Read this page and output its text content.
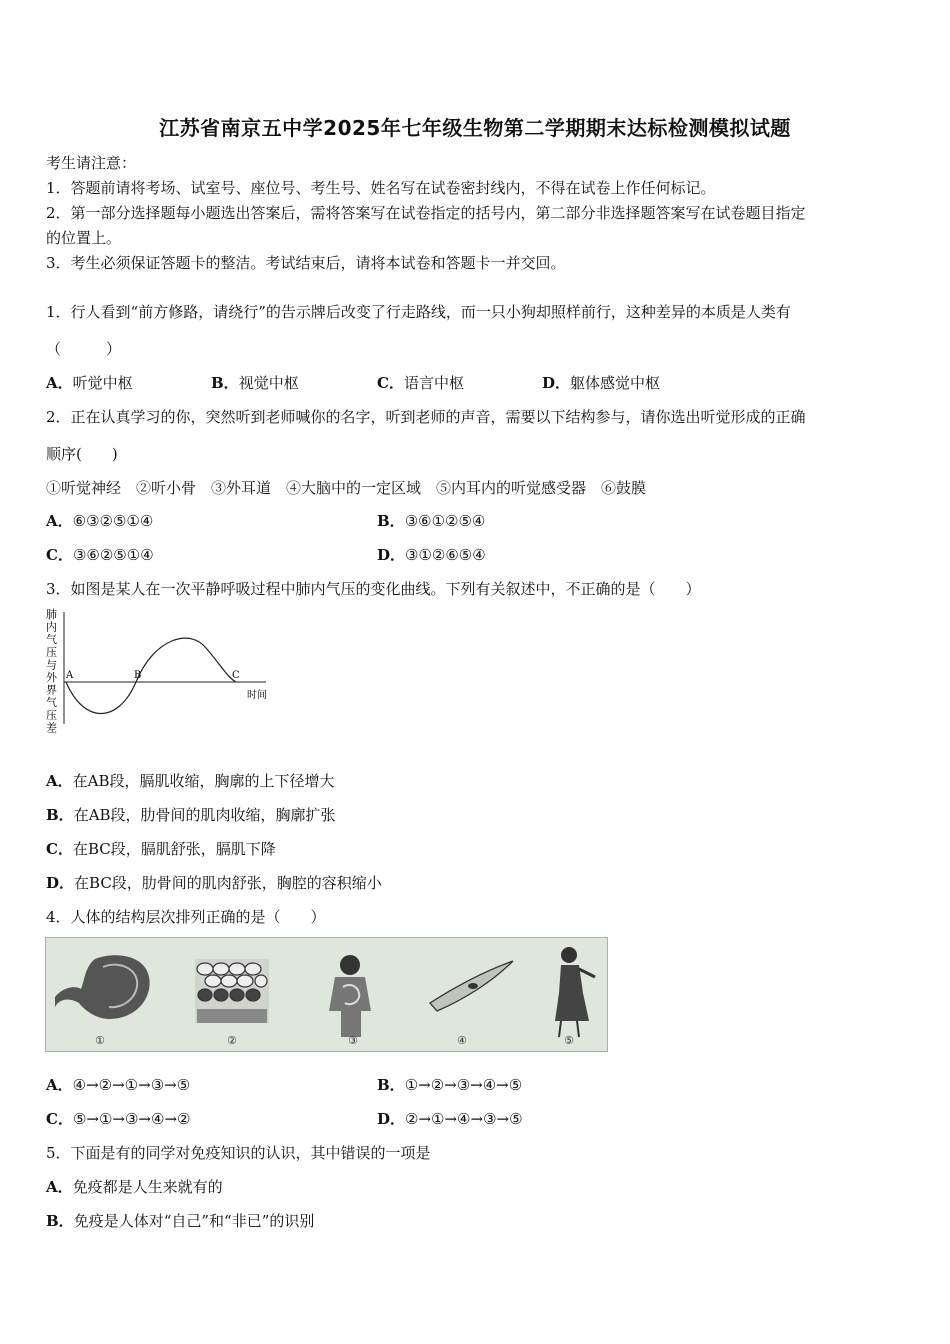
江苏省南京五中学2025年七年级生物第二学期期末达标检测模拟试题
考生请注意：
1．答题前请将考场、试室号、座位号、考生号、姓名写在试卷密封线内，不得在试卷上作任何标记。
2．第一部分选择题每小题选出答案后，需将答案写在试卷指定的括号内，第二部分非选择题答案写在试卷题目指定
的位置上。
3．考生必须保证答题卡的整洁。考试结束后，请将本试卷和答题卡一并交回。
1．行人看到“前方修路，请绕行”的告示牌后改变了行走路线，而一只小狗却照样前行，这种差异的本质是人类有
（　　　）
A．听觉中枢	B．视觉中枢	C．语言中枢	D．躯体感觉中枢
2．正在认真学习的你，突然听到老师喊你的名字，听到老师的声音，需要以下结构参与，请你选出听觉形成的正确
顺序(　　)
①听觉神经　②听小骨　③外耳道　④大脑中的一定区域　⑤内耳内的听觉感受器　⑥鼓膜
A．⑥③②⑤①④	B．③⑥①②⑤④
C．③⑥②⑤①④	D．③①②⑥⑤④
3．如图是某人在一次平静呼吸过程中肺内气压的变化曲线。下列有关叙述中，不正确的是（　　）
肺内气压与外界气压差
A	B	C
时间
A．在AB段，膈肌收缩，胸廓的上下径增大
B．在AB段，肋骨间的肌肉收缩，胸廓扩张
C．在BC段，膈肌舒张，膈肌下降
D．在BC段，肋骨间的肌肉舒张，胸腔的容积缩小
4．人体的结构层次排列正确的是（　　）
①	②	③	④	⑤
A．④→②→①→③→⑤	B．①→②→③→④→⑤
C．⑤→①→③→④→②	D．②→①→④→③→⑤
5．下面是有的同学对免疫知识的认识，其中错误的一项是
A．免疫都是人生来就有的
B．免疫是人体对“自己”和“非已”的识别
